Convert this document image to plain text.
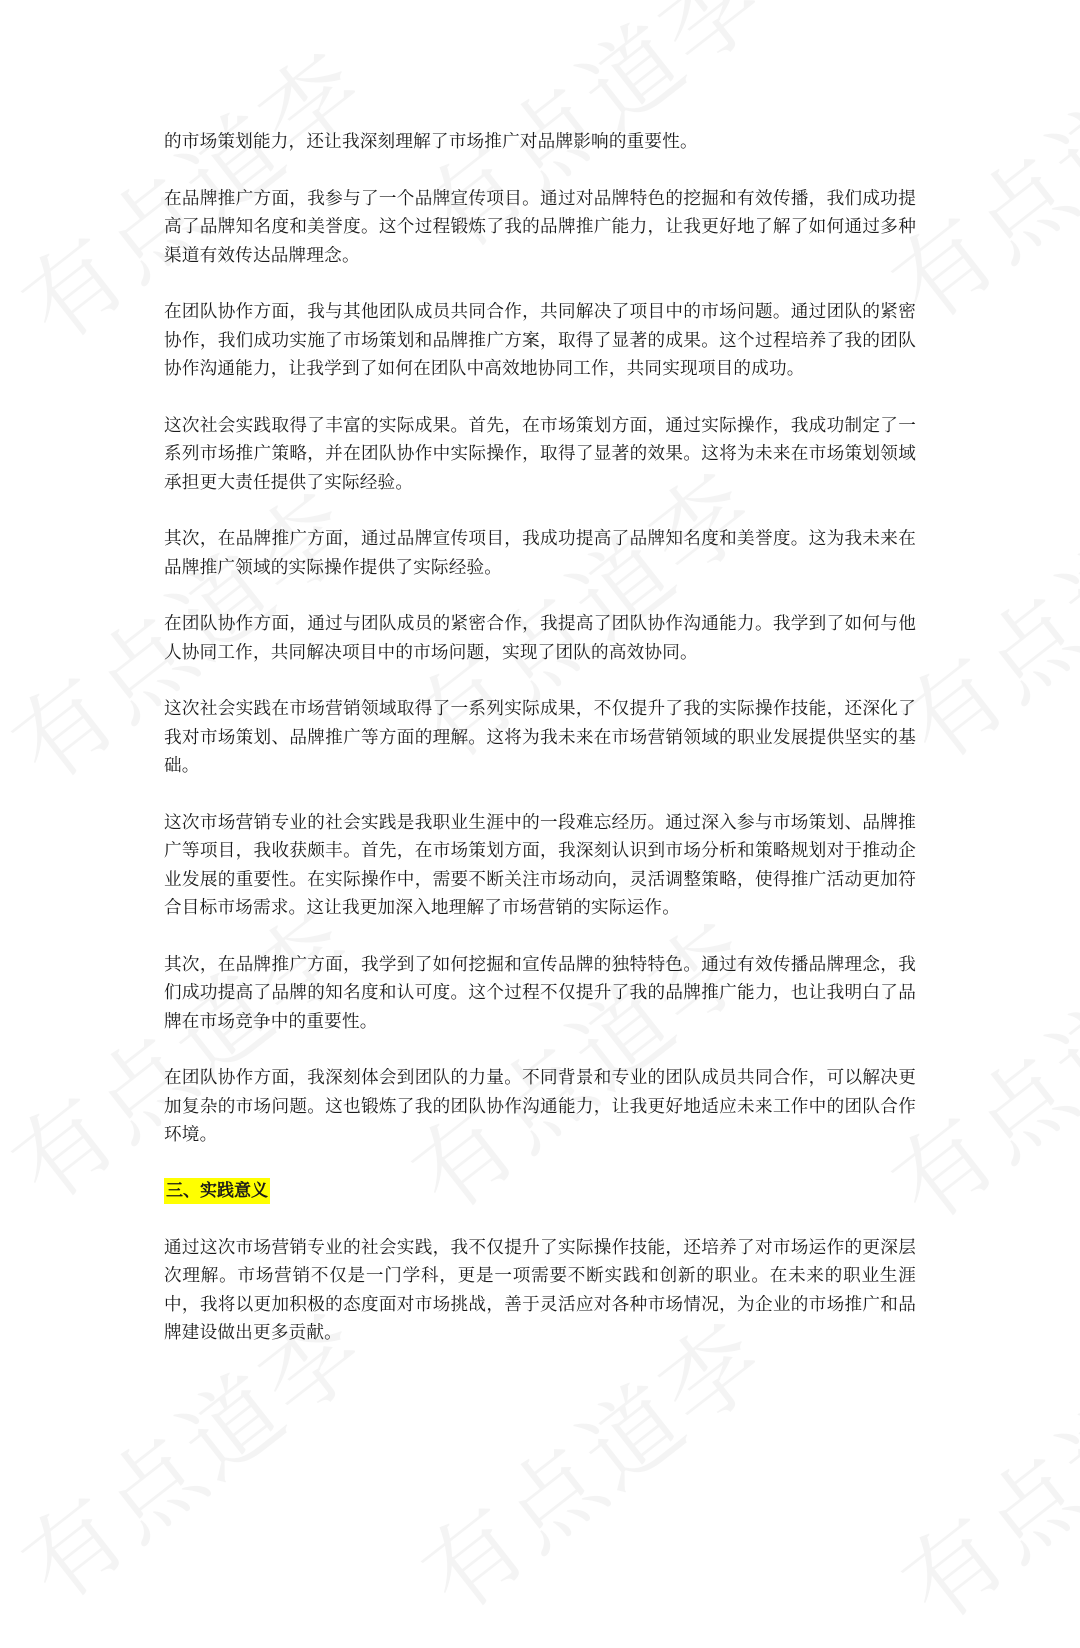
的市场策划能力，还让我深刻理解了市场推广对品牌影响的重要性。

在品牌推广方面，我参与了一个品牌宣传项目。通过对品牌特色的挖掘和有效传播，我们成功提高了品牌知名度和美誉度。这个过程锻炼了我的品牌推广能力，让我更好地了解了如何通过多种渠道有效传达品牌理念。

在团队协作方面，我与其他团队成员共同合作，共同解决了项目中的市场问题。通过团队的紧密协作，我们成功实施了市场策划和品牌推广方案，取得了显著的成果。这个过程培养了我的团队协作沟通能力，让我学到了如何在团队中高效地协同工作，共同实现项目的成功。

这次社会实践取得了丰富的实际成果。首先，在市场策划方面，通过实际操作，我成功制定了一系列市场推广策略，并在团队协作中实际操作，取得了显著的效果。这将为未来在市场策划领域承担更大责任提供了实际经验。

其次，在品牌推广方面，通过品牌宣传项目，我成功提高了品牌知名度和美誉度。这为我未来在品牌推广领域的实际操作提供了实际经验。

在团队协作方面，通过与团队成员的紧密合作，我提高了团队协作沟通能力。我学到了如何与他人协同工作，共同解决项目中的市场问题，实现了团队的高效协同。

这次社会实践在市场营销领域取得了一系列实际成果，不仅提升了我的实际操作技能，还深化了我对市场策划、品牌推广等方面的理解。这将为我未来在市场营销领域的职业发展提供坚实的基础。

这次市场营销专业的社会实践是我职业生涯中的一段难忘经历。通过深入参与市场策划、品牌推广等项目，我收获颇丰。首先，在市场策划方面，我深刻认识到市场分析和策略规划对于推动企业发展的重要性。在实际操作中，需要不断关注市场动向，灵活调整策略，使得推广活动更加符合目标市场需求。这让我更加深入地理解了市场营销的实际运作。

其次，在品牌推广方面，我学到了如何挖掘和宣传品牌的独特特色。通过有效传播品牌理念，我们成功提高了品牌的知名度和认可度。这个过程不仅提升了我的品牌推广能力，也让我明白了品牌在市场竞争中的重要性。

在团队协作方面，我深刻体会到团队的力量。不同背景和专业的团队成员共同合作，可以解决更加复杂的市场问题。这也锻炼了我的团队协作沟通能力，让我更好地适应未来工作中的团队合作环境。

三、实践意义

通过这次市场营销专业的社会实践，我不仅提升了实际操作技能，还培养了对市场运作的更深层次理解。市场营销不仅是一门学科，更是一项需要不断实践和创新的职业。在未来的职业生涯中，我将以更加积极的态度面对市场挑战，善于灵活应对各种市场情况，为企业的市场推广和品牌建设做出更多贡献。
